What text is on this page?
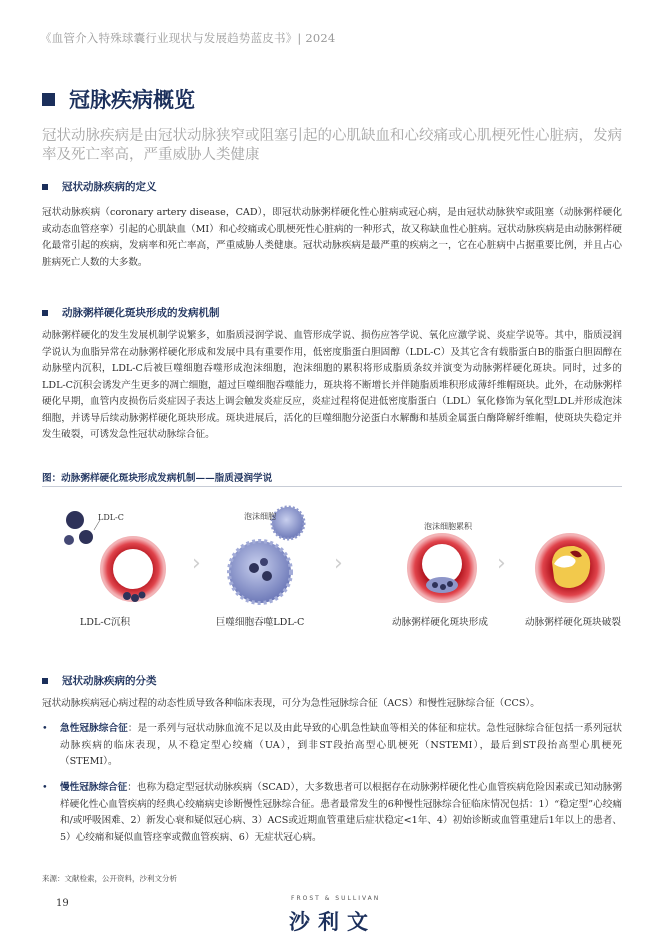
《血管介入特殊球囊行业现状与发展趋势蓝皮书》| 2024
冠脉疾病概览
冠状动脉疾病是由冠状动脉狭窄或阻塞引起的心肌缺血和心绞痛或心肌梗死性心脏病，发病率及死亡率高，严重威胁人类健康
冠状动脉疾病的定义
冠状动脉疾病（coronary artery disease，CAD），即冠状动脉粥样硬化性心脏病或冠心病，是由冠状动脉狭窄或阻塞（动脉粥样硬化或动态血管痉挛）引起的心肌缺血（MI）和心绞痛或心肌梗死性心脏病的一种形式，故又称缺血性心脏病。冠状动脉疾病是由动脉粥样硬化最常引起的疾病，发病率和死亡率高，严重威胁人类健康。冠状动脉疾病是最严重的疾病之一，它在心脏病中占据重要比例，并且占心脏病死亡人数的大多数。
动脉粥样硬化斑块形成的发病机制
动脉粥样硬化的发生发展机制学说繁多，如脂质浸润学说、血管形成学说、损伤应答学说、氧化应激学说、炎症学说等。其中，脂质浸润学说认为血脂异常在动脉粥样硬化形成和发展中具有重要作用，低密度脂蛋白胆固醇（LDL-C）及其它含有载脂蛋白B的脂蛋白胆固醇在动脉壁内沉积，LDL-C后被巨噬细胞吞噬形成泡沫细胞，泡沫细胞的累积将形成脂质条纹并演变为动脉粥样硬化斑块。同时，过多的LDL-C沉积会诱发产生更多的凋亡细胞，超过巨噬细胞吞噬能力，斑块将不断增长并伴随脂质堆积形成薄纤维帽斑块。此外，在动脉粥样硬化早期，血管内皮损伤后炎症因子表达上调会触发炎症反应，炎症过程将促进低密度脂蛋白（LDL）氧化修饰为氧化型LDL并形成泡沫细胞，并诱导后续动脉粥样硬化斑块形成。斑块进展后，活化的巨噬细胞分泌蛋白水解酶和基质金属蛋白酶降解纤维帽，使斑块失稳定并发生破裂，可诱发急性冠状动脉综合征。
图：动脉粥样硬化斑块形成发病机制——脂质浸润学说
›	›	›
LDL-C	泡沫细胞
泡沫细胞累积
LDL-C沉积	巨噬细胞吞噬LDL-C	动脉粥样硬化斑块形成	动脉粥样硬化斑块破裂
冠状动脉疾病的分类
冠状动脉疾病冠心病过程的动态性质导致各种临床表现，可分为急性冠脉综合征（ACS）和慢性冠脉综合征（CCS）。
• 急性冠脉综合征：是一系列与冠状动脉血流不足以及由此导致的心肌急性缺血等相关的体征和症状。急性冠脉综合征包括一系列冠状动脉疾病的临床表现，从不稳定型心绞痛（UA），到非ST段抬高型心肌梗死（NSTEMI），最后到ST段抬高型心肌梗死（STEMI）。
• 慢性冠脉综合征：也称为稳定型冠状动脉疾病（SCAD），大多数患者可以根据存在动脉粥样硬化性心血管疾病危险因素或已知动脉粥样硬化性心血管疾病的经典心绞痛病史诊断慢性冠脉综合征。患者最常发生的6种慢性冠脉综合征临床情况包括：1）“稳定型”心绞痛和/或呼吸困难、2）新发心衰和疑似冠心病、3）ACS或近期血管重建后症状稳定<1年、4）初始诊断或血管重建后1年以上的患者、5）心绞痛和疑似血管痉挛或微血管疾病、6）无症状冠心病。
来源：文献检索，公开资料，沙利文分析
19	FROST & SULLIVAN
沙利文
